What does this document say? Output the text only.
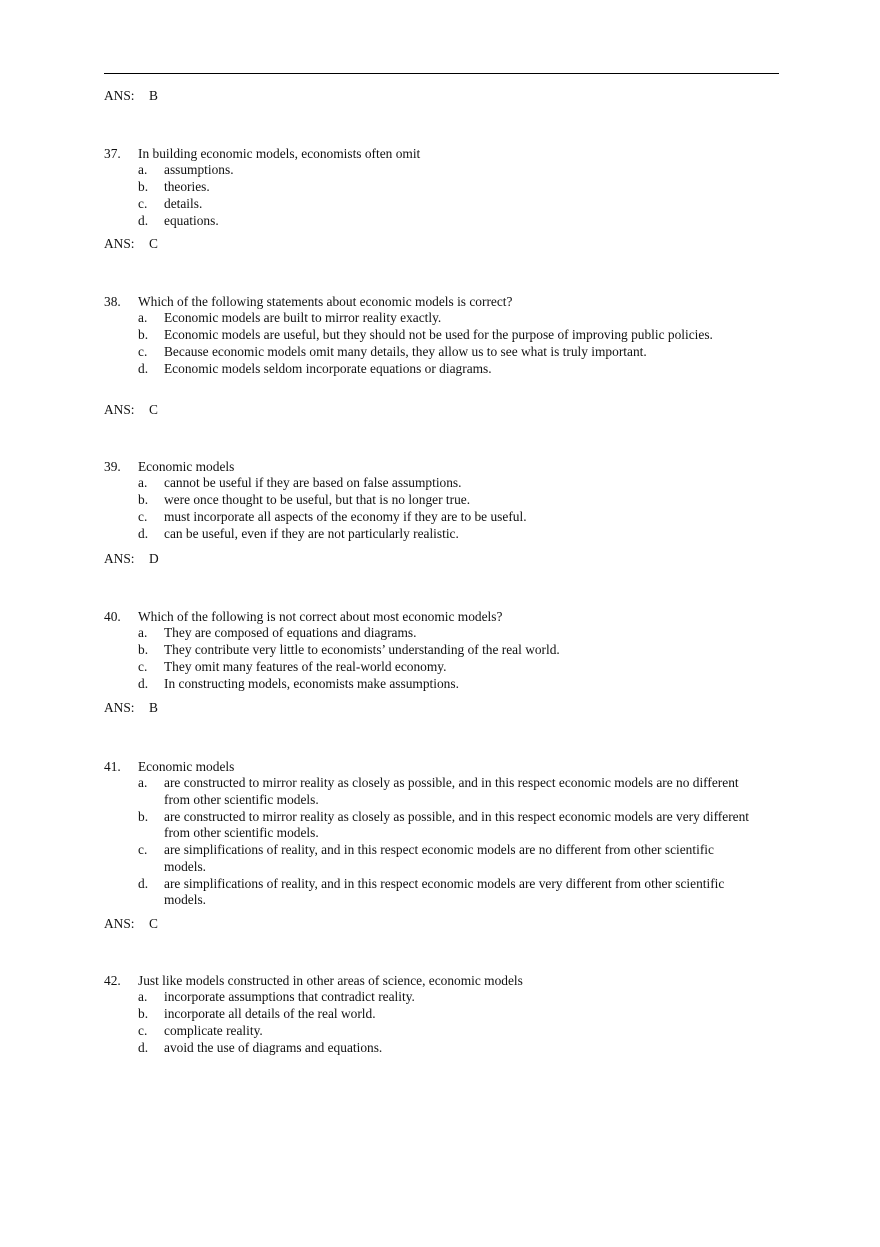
ANS: B
37. In building economic models, economists often omit
a. assumptions.
b. theories.
c. details.
d. equations.
ANS: C
38. Which of the following statements about economic models is correct?
a. Economic models are built to mirror reality exactly.
b. Economic models are useful, but they should not be used for the purpose of improving public policies.
c. Because economic models omit many details, they allow us to see what is truly important.
d. Economic models seldom incorporate equations or diagrams.
ANS: C
39. Economic models
a. cannot be useful if they are based on false assumptions.
b. were once thought to be useful, but that is no longer true.
c. must incorporate all aspects of the economy if they are to be useful.
d. can be useful, even if they are not particularly realistic.
ANS: D
40. Which of the following is not correct about most economic models?
a. They are composed of equations and diagrams.
b. They contribute very little to economists’ understanding of the real world.
c. They omit many features of the real-world economy.
d. In constructing models, economists make assumptions.
ANS: B
41. Economic models
a. are constructed to mirror reality as closely as possible, and in this respect economic models are no different from other scientific models.
b. are constructed to mirror reality as closely as possible, and in this respect economic models are very different from other scientific models.
c. are simplifications of reality, and in this respect economic models are no different from other scientific models.
d. are simplifications of reality, and in this respect economic models are very different from other scientific models.
ANS: C
42. Just like models constructed in other areas of science, economic models
a. incorporate assumptions that contradict reality.
b. incorporate all details of the real world.
c. complicate reality.
d. avoid the use of diagrams and equations.
